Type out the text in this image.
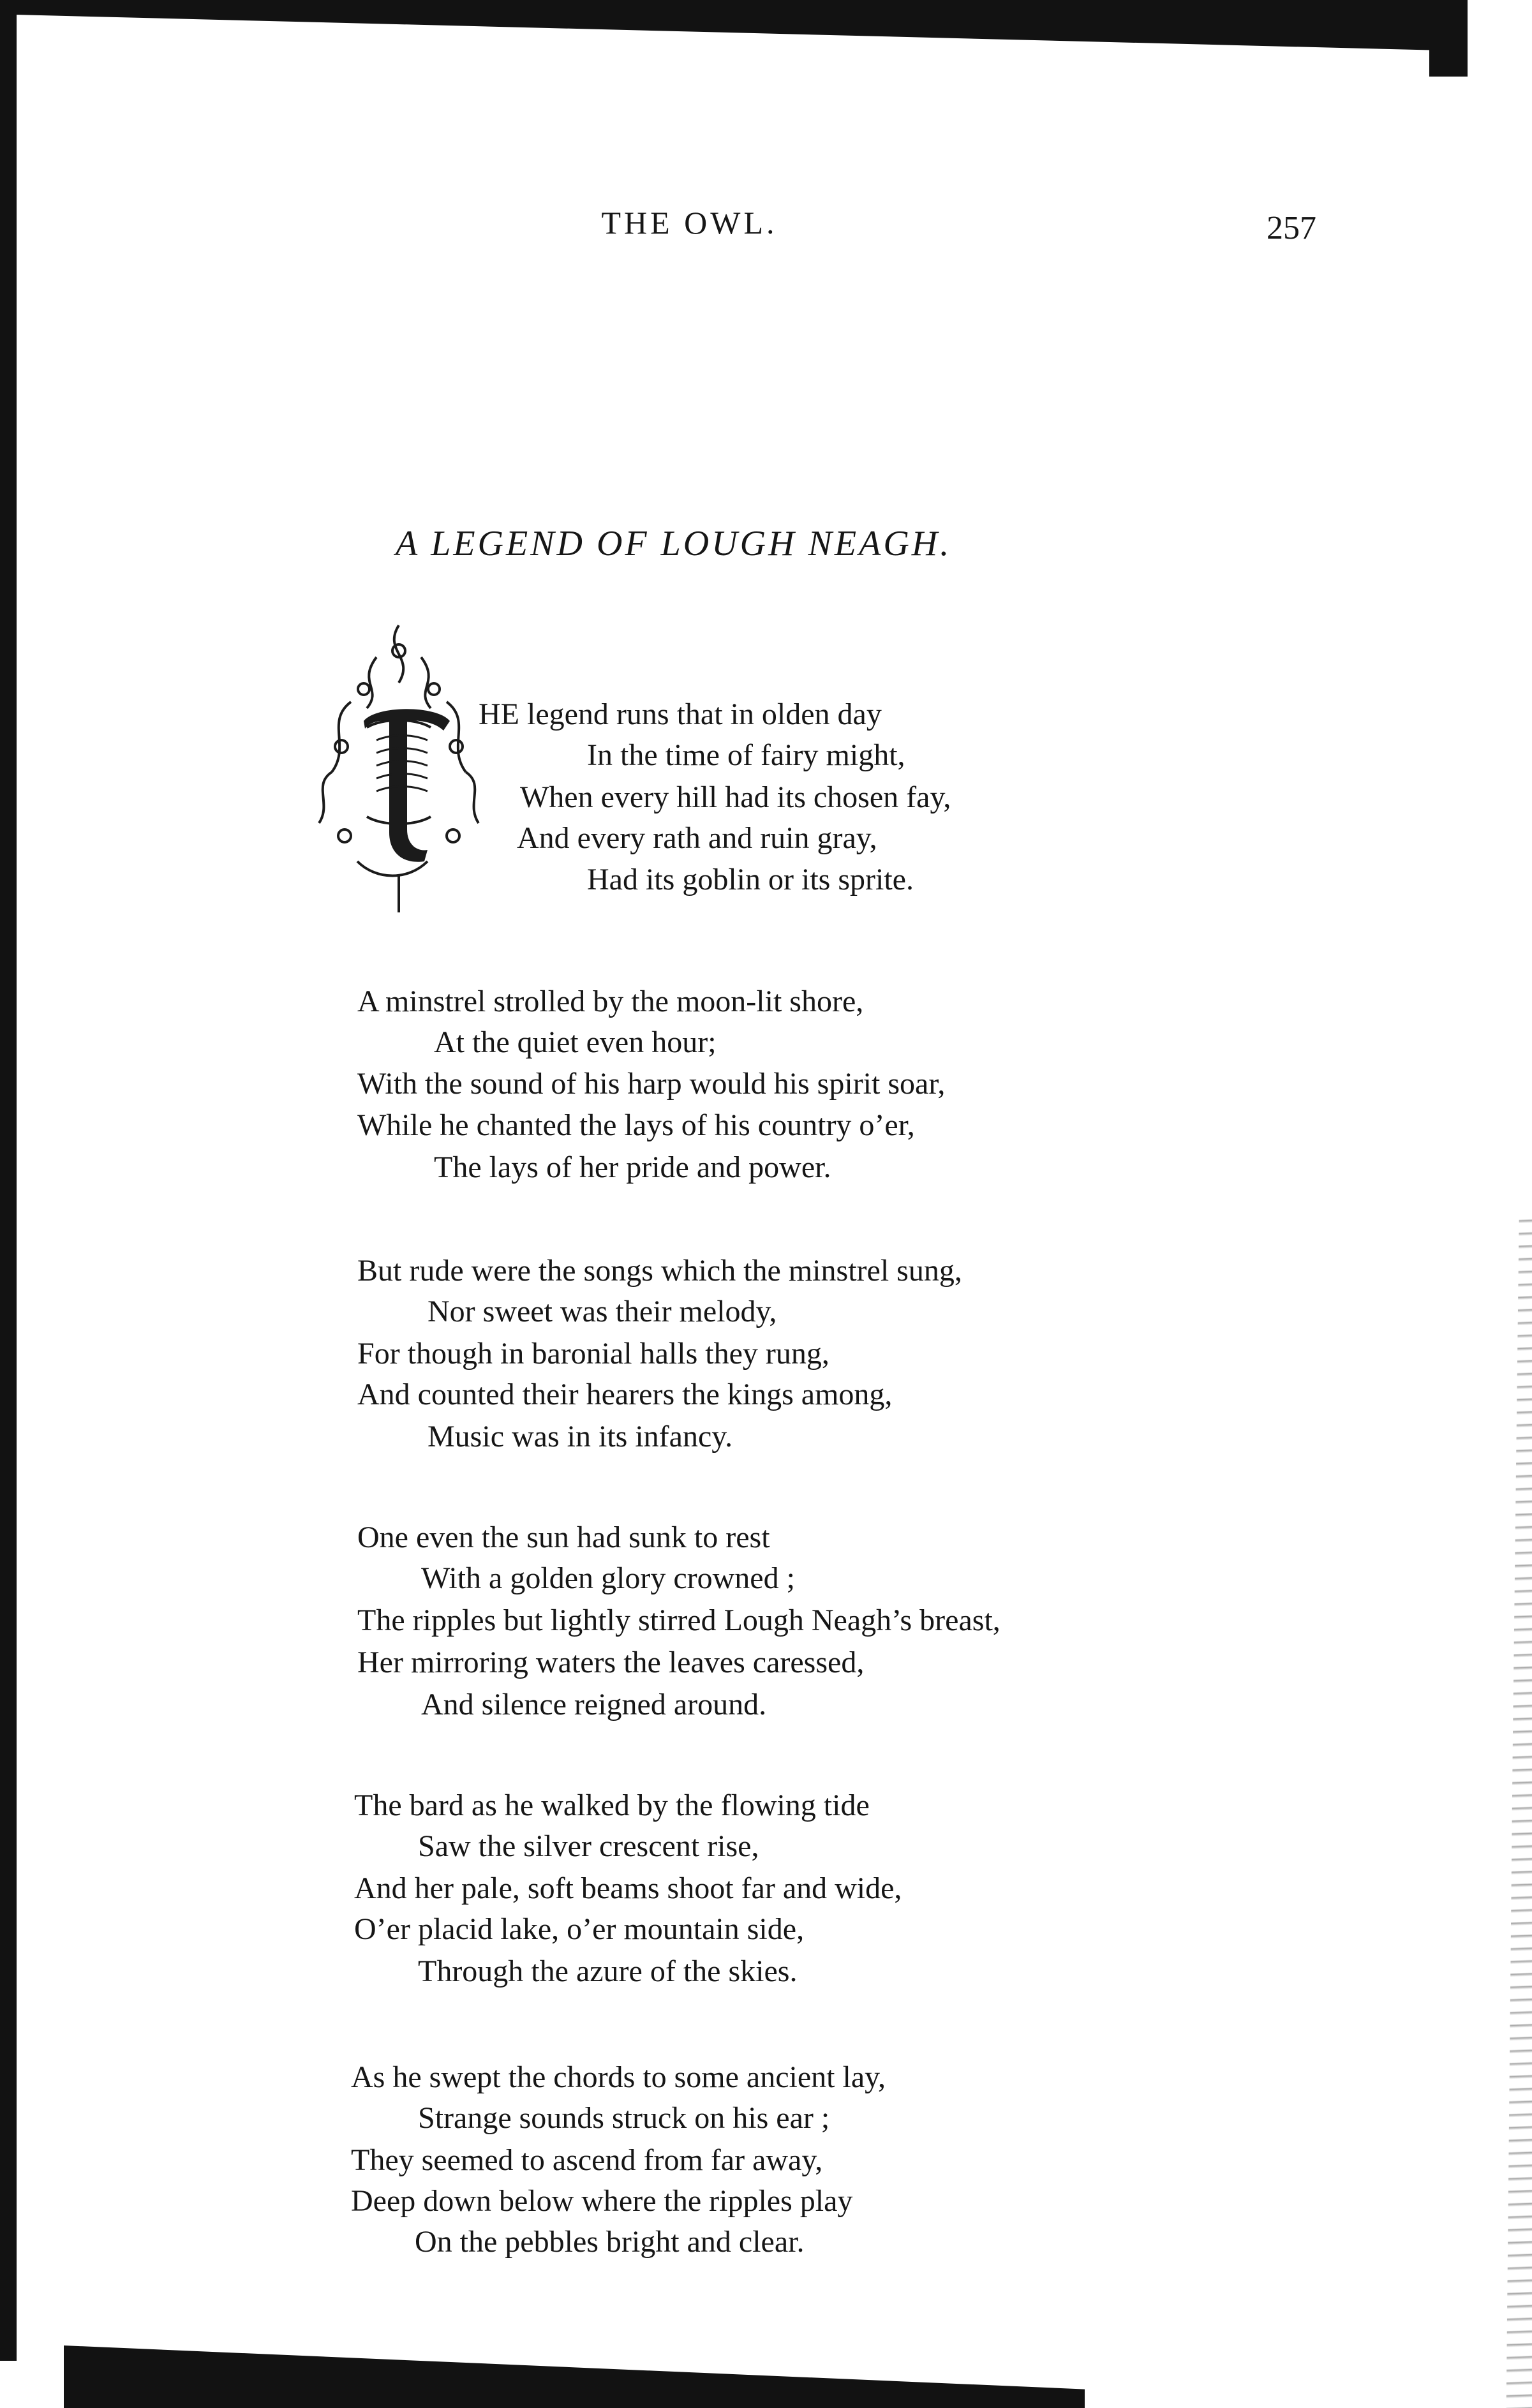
THE OWL.	257
A LEGEND OF LOUGH NEAGH.
HE legend runs that in olden day
In the time of fairy might,
When every hill had its chosen fay,
And every rath and ruin gray,
Had its goblin or its sprite.
A minstrel strolled by the moon-lit shore,
At the quiet even hour;
With the sound of his harp would his spirit soar,
While he chanted the lays of his country o’er,
The lays of her pride and power.
But rude were the songs which the minstrel sung,
Nor sweet was their melody,
For though in baronial halls they rung,
And counted their hearers the kings among,
Music was in its infancy.
One even the sun had sunk to rest
With a golden glory crowned ;
The ripples but lightly stirred Lough Neagh’s breast,
Her mirroring waters the leaves caressed,
And silence reigned around.
The bard as he walked by the flowing tide
Saw the silver crescent rise,
And her pale, soft beams shoot far and wide,
O’er placid lake, o’er mountain side,
Through the azure of the skies.
As he swept the chords to some ancient lay,
Strange sounds struck on his ear ;
They seemed to ascend from far away,
Deep down below where the ripples play
On the pebbles bright and clear.
